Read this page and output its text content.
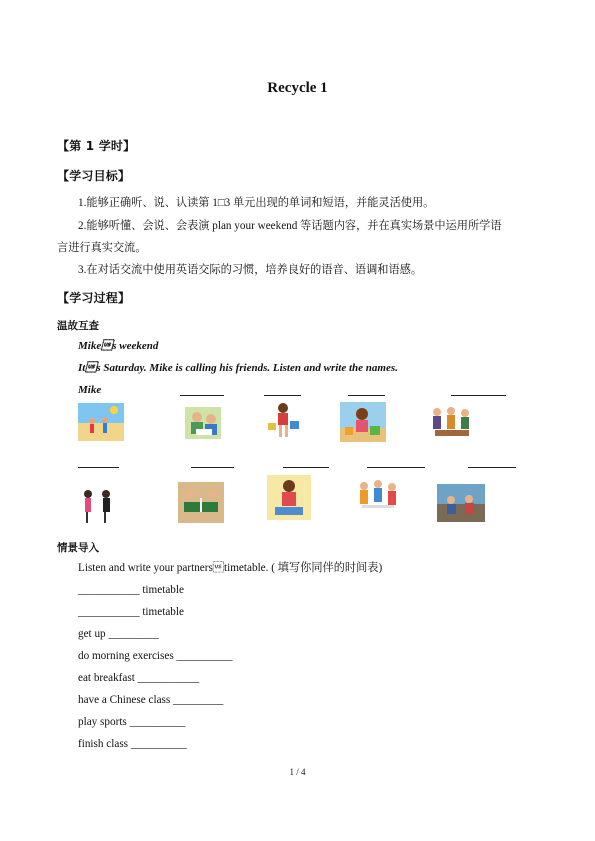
Recycle 1
【第 1 学时】
【学习目标】
1.能够正确听、说、认读第 1□3 单元出现的单词和短语，并能灵活使用。
2.能够听懂、会说、会表演 plan your weekend 等话题内容，并在真实场景中运用所学语
言进行真实交流。
3.在对话交流中使用英语交际的习惯，培养良好的语音、语调和语感。
【学习过程】
温故互查
Mikes weekend
Its Saturday. Mike is calling his friends. Listen and write the names.
Mike
情景导入
Listen and write your partnerstimetable. ( 填写你同伴的时间表)
___________ timetable
___________ timetable
get up _________
do morning exercises __________
eat breakfast ___________
have a Chinese class _________
play sports __________
finish class __________
1 / 4
